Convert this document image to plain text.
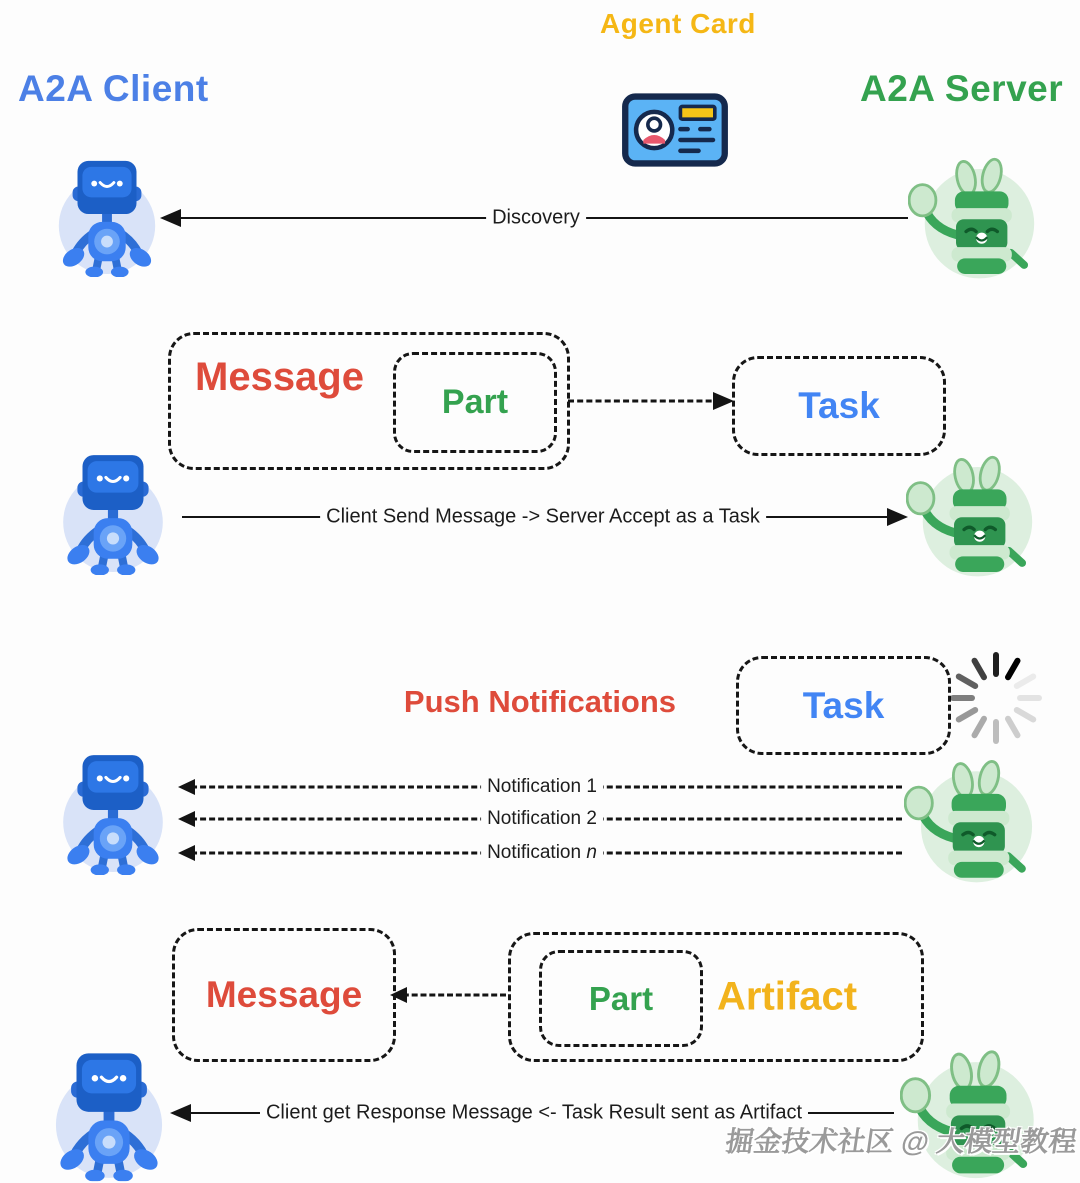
A2A Client
Agent Card
A2A Server
Discovery
Message
Part	Task
Client Send Message -> Server Accept as a Task
Push Notifications	Task
Notification 1
Notification 2
Notification n
Message	Part	Artifact
Client get Response Message <- Task Result sent as Artifact
掘金技术社区 @ 大模型教程
